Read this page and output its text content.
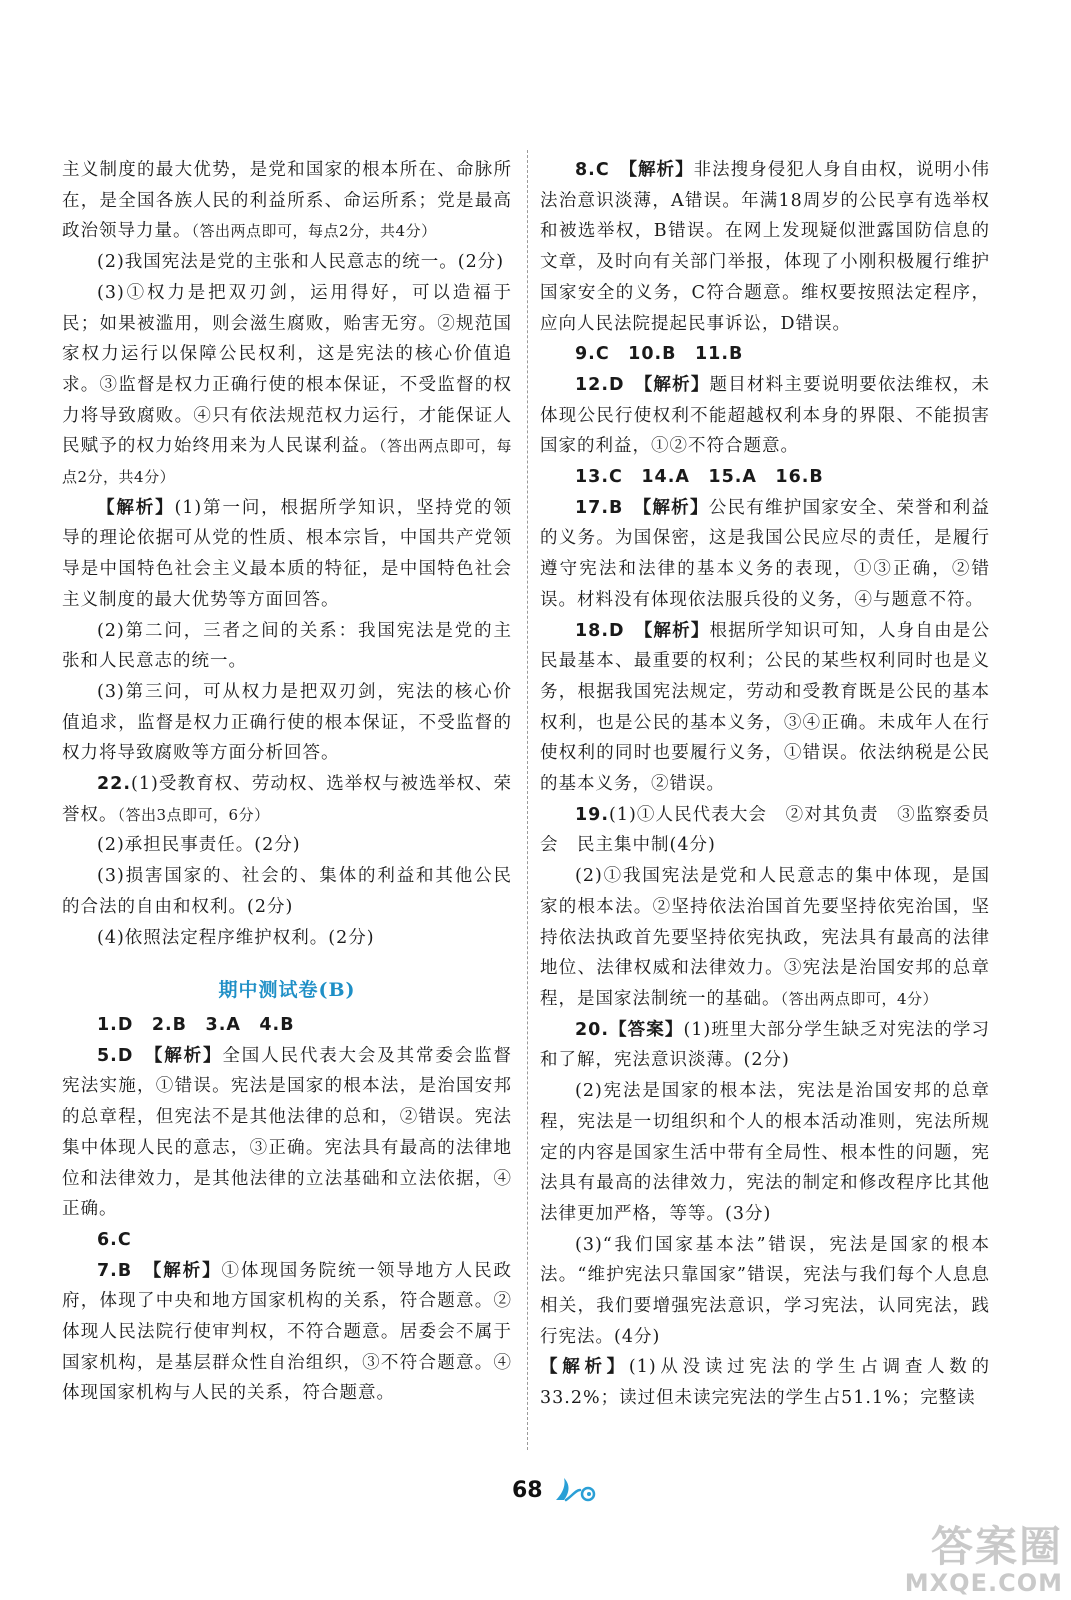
主义制度的最大优势，是党和国家的根本所在、命脉所在，是全国各族人民的利益所系、命运所系；党是最高政治领导力量。（答出两点即可，每点2分，共4分）

(2)我国宪法是党的主张和人民意志的统一。(2分)

(3)①权力是把双刃剑，运用得好，可以造福于民；如果被滥用，则会滋生腐败，贻害无穷。②规范国家权力运行以保障公民权利，这是宪法的核心价值追求。③监督是权力正确行使的根本保证，不受监督的权力将导致腐败。④只有依法规范权力运行，才能保证人民赋予的权力始终用来为人民谋利益。（答出两点即可，每点2分，共4分）

【解析】(1)第一问，根据所学知识，坚持党的领导的理论依据可从党的性质、根本宗旨，中国共产党领导是中国特色社会主义最本质的特征，是中国特色社会主义制度的最大优势等方面回答。

(2)第二问，三者之间的关系：我国宪法是党的主张和人民意志的统一。

(3)第三问，可从权力是把双刃剑，宪法的核心价值追求，监督是权力正确行使的根本保证，不受监督的权力将导致腐败等方面分析回答。

22.(1)受教育权、劳动权、选举权与被选举权、荣誉权。（答出3点即可，6分）

(2)承担民事责任。(2分)

(3)损害国家的、社会的、集体的利益和其他公民的合法的自由和权利。(2分)

(4)依照法定程序维护权利。(2分)

期中测试卷(B)

1.D　2.B　3.A　4.B

5.D　 【解析】全国人民代表大会及其常委会监督宪法实施，①错误。宪法是国家的根本法，是治国安邦的总章程，但宪法不是其他法律的总和，②错误。宪法集中体现人民的意志，③正确。宪法具有最高的法律地位和法律效力，是其他法律的立法基础和立法依据，④正确。

6.C

7.B　 【解析】①体现国务院统一领导地方人民政府，体现了中央和地方国家机构的关系，符合题意。②体现人民法院行使审判权，不符合题意。居委会不属于国家机构，是基层群众性自治组织，③不符合题意。④体现国家机构与人民的关系，符合题意。

8.C　 【解析】非法搜身侵犯人身自由权，说明小伟法治意识淡薄，A错误。年满18周岁的公民享有选举权和被选举权，B错误。在网上发现疑似泄露国防信息的文章，及时向有关部门举报，体现了小刚积极履行维护国家安全的义务，C符合题意。维权要按照法定程序，应向人民法院提起民事诉讼，D错误。

9.C　10.B　11.B

12.D　 【解析】题目材料主要说明要依法维权，未体现公民行使权利不能超越权利本身的界限、不能损害国家的利益，①②不符合题意。

13.C　14.A　15.A　16.B

17.B　 【解析】公民有维护国家安全、荣誉和利益的义务。为国保密，这是我国公民应尽的责任，是履行遵守宪法和法律的基本义务的表现，①③正确，②错误。材料没有体现依法服兵役的义务，④与题意不符。

18.D　 【解析】根据所学知识可知，人身自由是公民最基本、最重要的权利；公民的某些权利同时也是义务，根据我国宪法规定，劳动和受教育既是公民的基本权利，也是公民的基本义务，③④正确。未成年人在行使权利的同时也要履行义务，①错误。依法纳税是公民的基本义务，②错误。

19.(1)①人民代表大会　②对其负责　③监察委员会　民主集中制(4分)

(2)①我国宪法是党和人民意志的集中体现，是国家的根本法。②坚持依法治国首先要坚持依宪治国，坚持依法执政首先要坚持依宪执政，宪法具有最高的法律地位、法律权威和法律效力。③宪法是治国安邦的总章程，是国家法制统一的基础。（答出两点即可，4分）

20.【答案】(1)班里大部分学生缺乏对宪法的学习和了解，宪法意识淡薄。(2分)

(2)宪法是国家的根本法，宪法是治国安邦的总章程，宪法是一切组织和个人的根本活动准则，宪法所规定的内容是国家生活中带有全局性、根本性的问题，宪法具有最高的法律效力，宪法的制定和修改程序比其他法律更加严格，等等。(3分)

(3)“我们国家基本法”错误，宪法是国家的根本法。“维护宪法只靠国家”错误，宪法与我们每个人息息相关，我们要增强宪法意识，学习宪法，认同宪法，践行宪法。(4分)

【解析】(1)从没读过宪法的学生占调查人数的33.2%；读过但未读完宪法的学生占51.1%；完整读

68
答案圈
MXQE.COM
